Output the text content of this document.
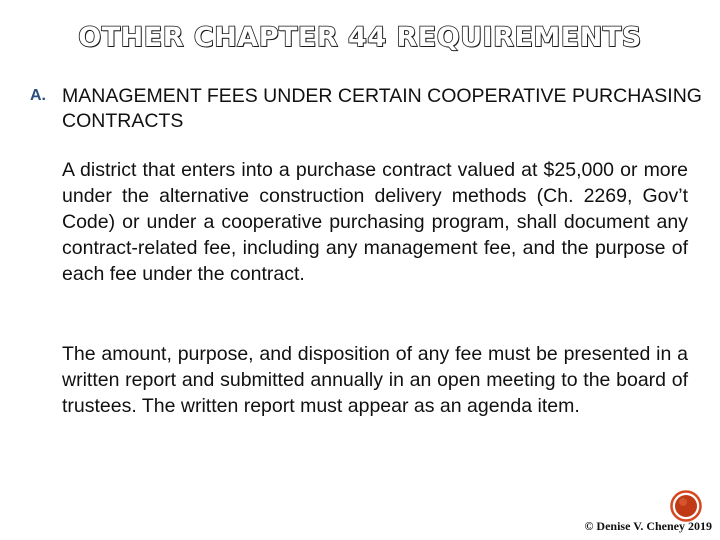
OTHER CHAPTER 44 REQUIREMENTS
A. MANAGEMENT FEES UNDER CERTAIN COOPERATIVE PURCHASING CONTRACTS
A district that enters into a purchase contract valued at $25,000 or more under the alternative construction delivery methods (Ch. 2269, Gov’t Code) or under a cooperative purchasing program, shall document any contract-related fee, including any management fee, and the purpose of each fee under the contract.
The amount, purpose, and disposition of any fee must be presented in a written report and submitted annually in an open meeting to the board of trustees. The written report must appear as an agenda item.
© Denise V. Cheney 2019
